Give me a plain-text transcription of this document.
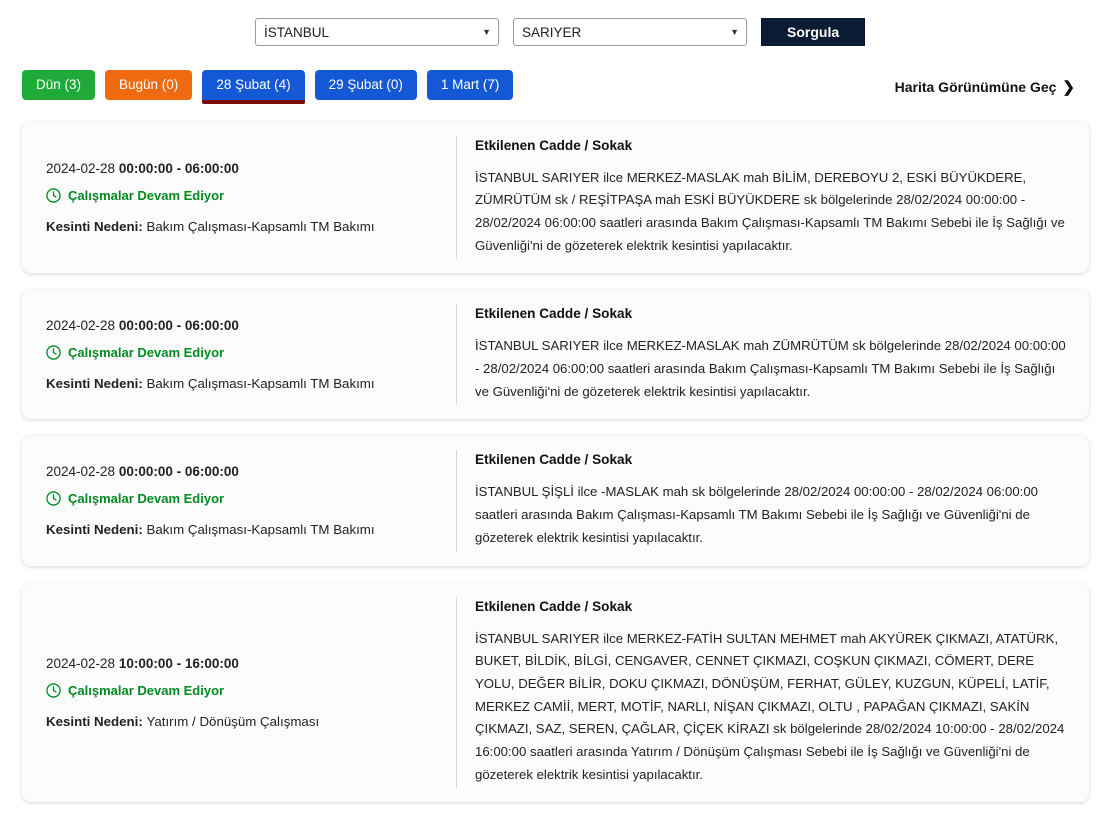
İSTANBUL
▼
SARIYER	▼	Sorgula
Dün (3)	Bugün (0)	28 Şubat (4)	29 Şubat (0)	1 Mart (7)	Harita Görünümüne Geç ❯
2024-02-28 00:00:00 - 06:00:00
Çalışmalar Devam Ediyor
Kesinti Nedeni: Bakım Çalışması-Kapsamlı TM Bakımı
Etkilenen Cadde / Sokak
İSTANBUL SARIYER ilce MERKEZ-MASLAK mah BİLİM, DEREBOYU 2, ESKİ BÜYÜKDERE, ZÜMRÜTÜM sk / REŞİTPAŞA mah ESKİ BÜYÜKDERE sk bölgelerinde 28/02/2024 00:00:00 - 28/02/2024 06:00:00 saatleri arasında Bakım Çalışması-Kapsamlı TM Bakımı Sebebi ile İş Sağlığı ve Güvenliği'ni de gözeterek elektrik kesintisi yapılacaktır.
2024-02-28 00:00:00 - 06:00:00
Çalışmalar Devam Ediyor
Kesinti Nedeni: Bakım Çalışması-Kapsamlı TM Bakımı
Etkilenen Cadde / Sokak
İSTANBUL SARIYER ilce MERKEZ-MASLAK mah ZÜMRÜTÜM sk bölgelerinde 28/02/2024 00:00:00 - 28/02/2024 06:00:00 saatleri arasında Bakım Çalışması-Kapsamlı TM Bakımı Sebebi ile İş Sağlığı ve Güvenliği'ni de gözeterek elektrik kesintisi yapılacaktır.
2024-02-28 00:00:00 - 06:00:00
Çalışmalar Devam Ediyor
Kesinti Nedeni: Bakım Çalışması-Kapsamlı TM Bakımı
Etkilenen Cadde / Sokak
İSTANBUL ŞİŞLİ ilce -MASLAK mah sk bölgelerinde 28/02/2024 00:00:00 - 28/02/2024 06:00:00 saatleri arasında Bakım Çalışması-Kapsamlı TM Bakımı Sebebi ile İş Sağlığı ve Güvenliği'ni de gözeterek elektrik kesintisi yapılacaktır.
2024-02-28 10:00:00 - 16:00:00
Çalışmalar Devam Ediyor
Kesinti Nedeni: Yatırım / Dönüşüm Çalışması
Etkilenen Cadde / Sokak
İSTANBUL SARIYER ilce MERKEZ-FATİH SULTAN MEHMET mah AKYÜREK ÇIKMAZI, ATATÜRK, BUKET, BİLDİK, BİLGİ, CENGAVER, CENNET ÇIKMAZI, COŞKUN ÇIKMAZI, CÖMERT, DERE YOLU, DEĞER BİLİR, DOKU ÇIKMAZI, DÖNÜŞÜM, FERHAT, GÜLEY, KUZGUN, KÜPELİ, LATİF, MERKEZ CAMİİ, MERT, MOTİF, NARLI, NİŞAN ÇIKMAZI, OLTU , PAPAĞAN ÇIKMAZI, SAKİN ÇIKMAZI, SAZ, SEREN, ÇAĞLAR, ÇİÇEK KİRAZI sk bölgelerinde 28/02/2024 10:00:00 - 28/02/2024 16:00:00 saatleri arasında Yatırım / Dönüşüm Çalışması Sebebi ile İş Sağlığı ve Güvenliği'ni de gözeterek elektrik kesintisi yapılacaktır.
